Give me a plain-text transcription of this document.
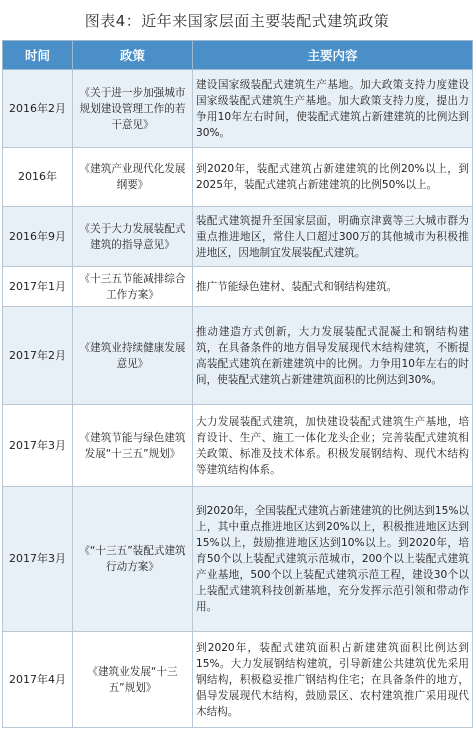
图表4：近年来国家层面主要装配式建筑政策
时间	政策	主要内容
2016年2月	《关于进一步加强城市规划建设管理工作的若干意见》	建设国家级装配式建筑生产基地。加大政策支持力度建设国家级装配式建筑生产基地。加大政策支持力度，提出力争用10年左右时间，使装配式建筑占新建建筑的比例达到30%。
2016年	《建筑产业现代化发展纲要》	到2020年，装配式建筑占新建建筑的比例20%以上，到2025年，装配式建筑占新建建筑的比例50%以上。
2016年9月	《关于大力发展装配式建筑的指导意见》	装配式建筑提升至国家层面，明确京津冀等三大城市群为重点推进地区，常住人口超过300万的其他城市为积极推进地区，因地制宜发展装配式建筑。
2017年1月	《十三五节能减排综合工作方案》	推广节能绿色建材、装配式和钢结构建筑。
2017年2月	《建筑业持续健康发展意见》	推动建造方式创新，大力发展装配式混凝土和钢结构建筑，在具备条件的地方倡导发展现代木结构建筑，不断提高装配式建筑在新建建筑中的比例。力争用10年左右的时间，使装配式建筑占新建建筑面积的比例达到30%。
2017年3月	《建筑节能与绿色建筑发展“十三五”规划》	大力发展装配式建筑，加快建设装配式建筑生产基地，培育设计、生产、施工一体化龙头企业；完善装配式建筑相关政策、标准及技术体系。积极发展钢结构、现代木结构等建筑结构体系。
2017年3月	《“十三五”装配式建筑行动方案》	到2020年，全国装配式建筑占新建建筑的比例达到15%以上，其中重点推进地区达到20%以上，积极推进地区达到15%以上，鼓励推进地区达到10%以上。到2020年，培育50个以上装配式建筑示范城市，200个以上装配式建筑产业基地，500个以上装配式建筑示范工程，建设30个以上装配式建筑科技创新基地，充分发挥示范引领和带动作用。
2017年4月	《建筑业发展“十三五”规划》	到2020年，装配式建筑面积占新建建筑面积比例达到15%。大力发展钢结构建筑，引导新建公共建筑优先采用钢结构，积极稳妥推广钢结构住宅；在具备条件的地方，倡导发展现代木结构，鼓励景区、农村建筑推广采用现代木结构。
